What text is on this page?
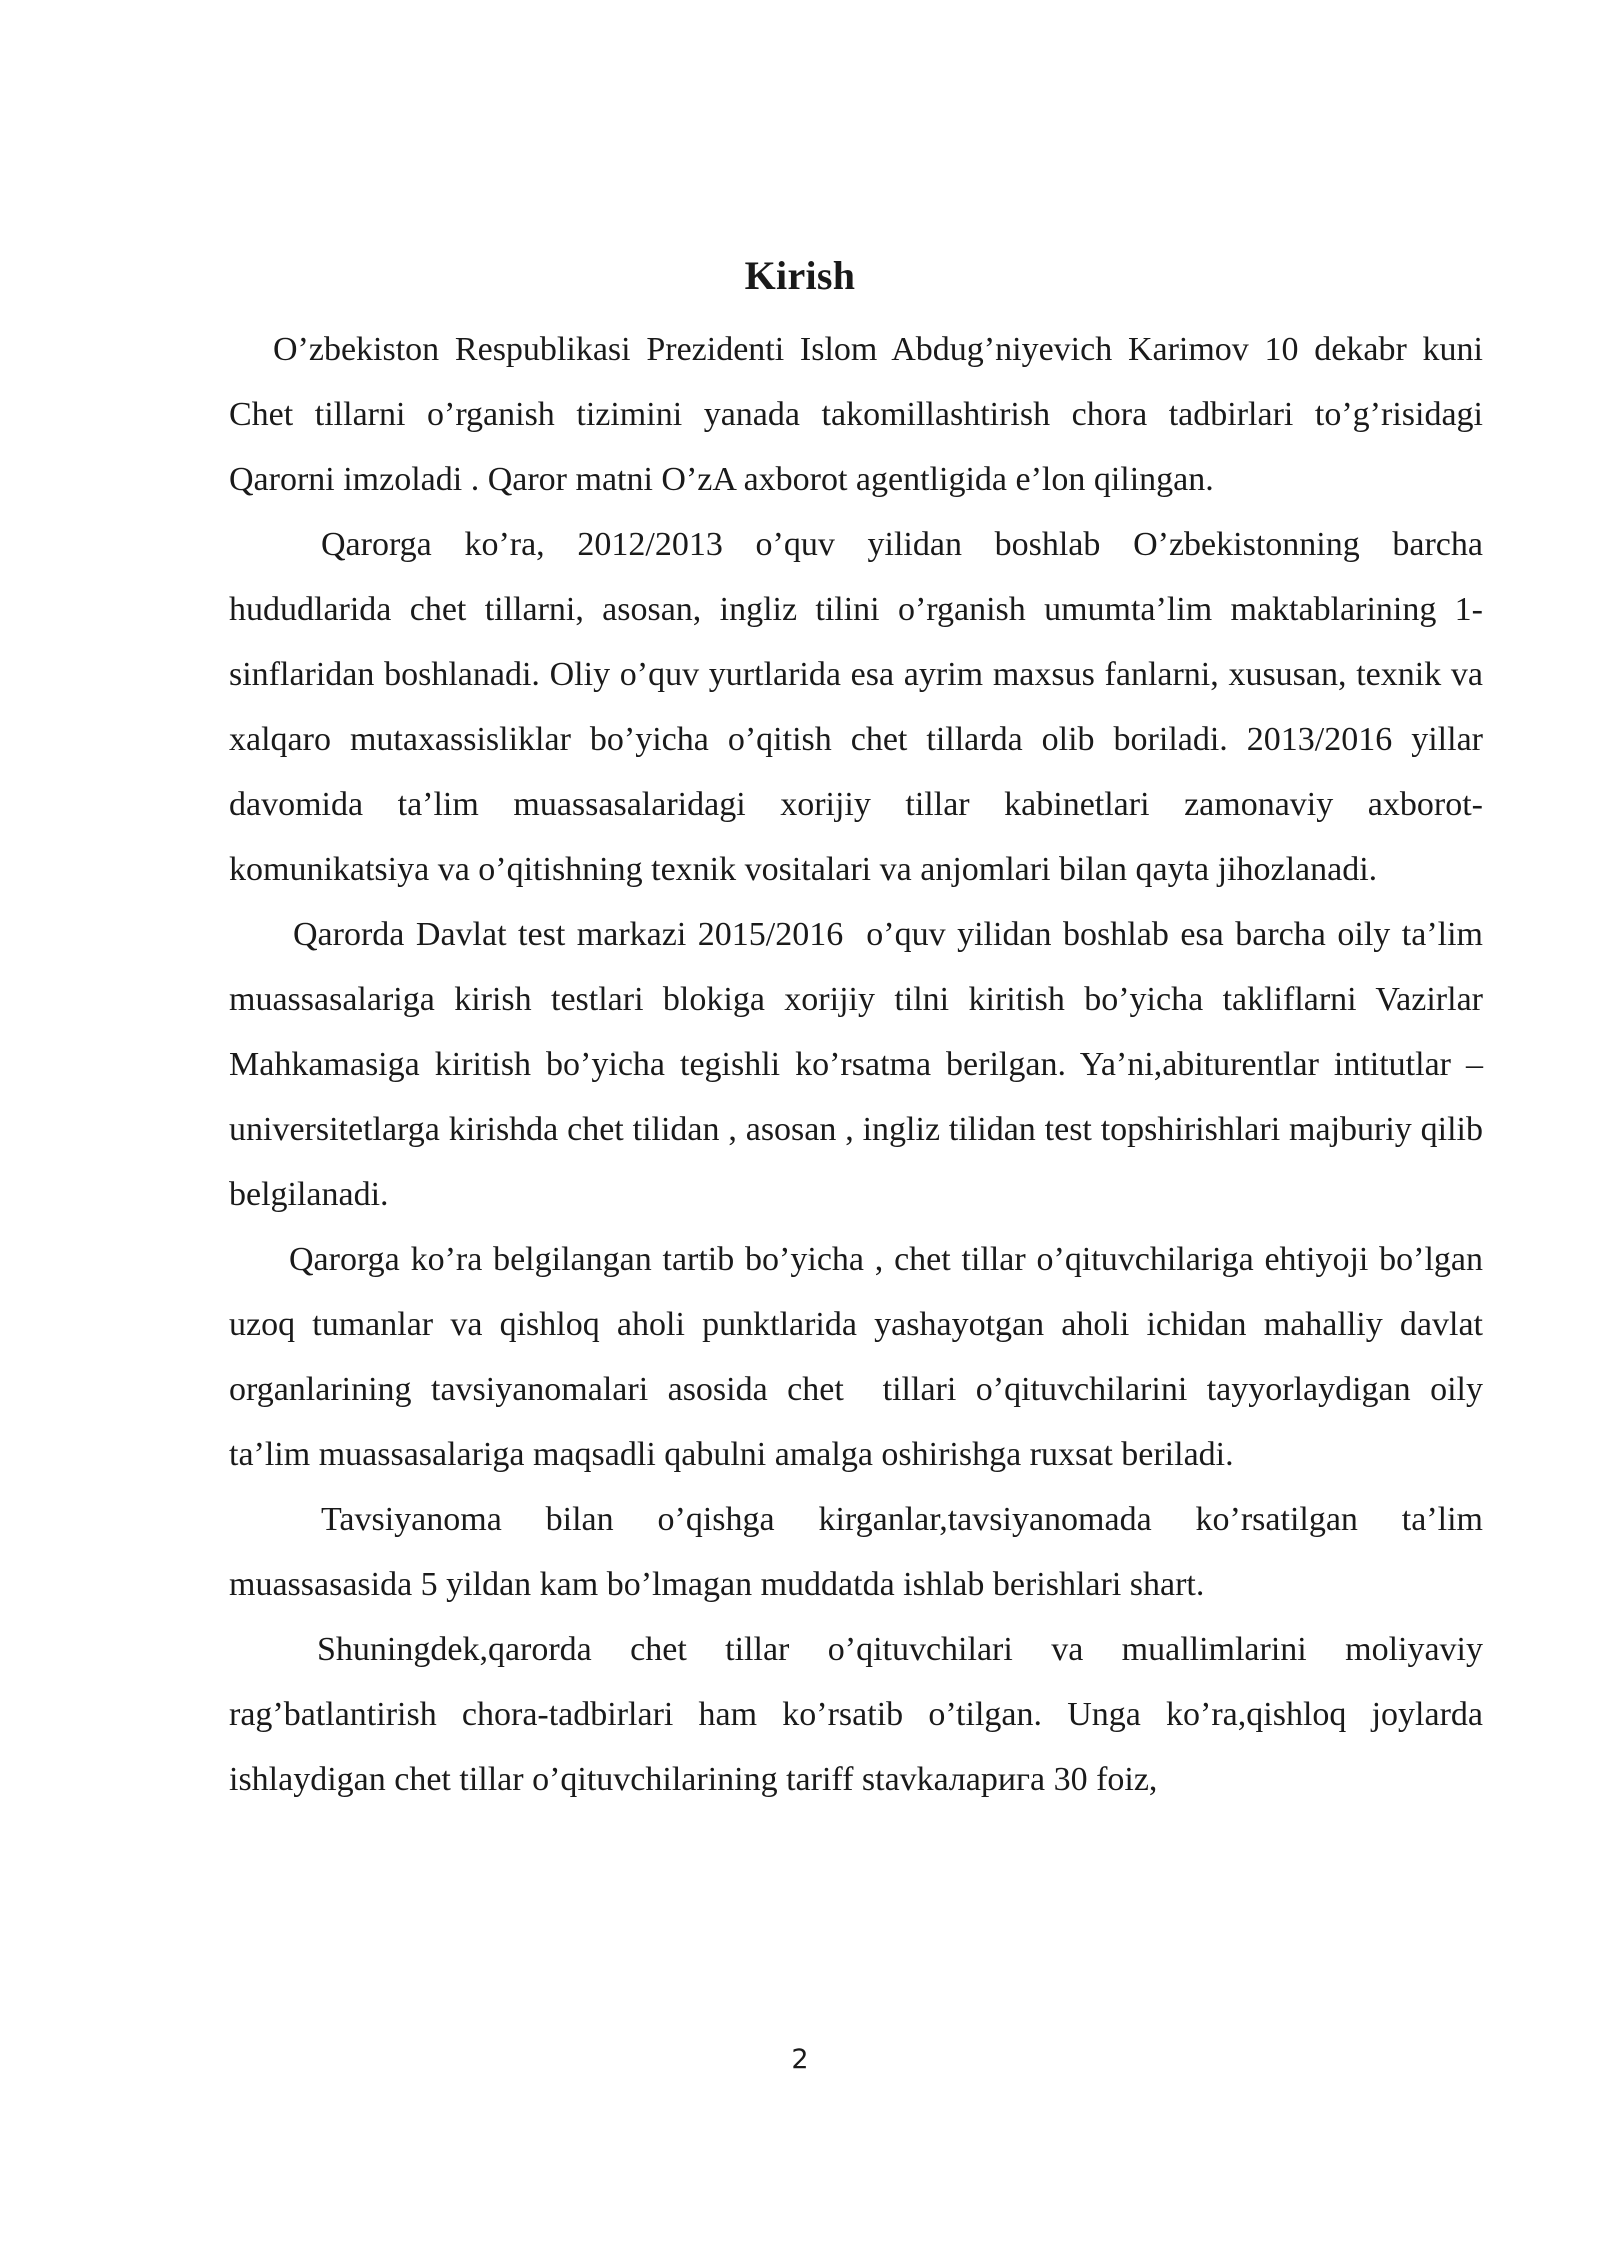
Kirish

O’zbekiston Respublikasi Prezidenti Islom Abdug’niyevich Karimov 10 dekabr kuni Chet tillarni o’rganish tizimini yanada takomillashtirish chora tadbirlari to’g’risidagi Qarorni imzoladi . Qaror matni O’zA axborot agentligida e’lon qilingan.

Qarorga ko’ra, 2012/2013 o’quv yilidan boshlab O’zbekistonning barcha hududlarida chet tillarni, asosan, ingliz tilini o’rganish umumta’lim maktablarining 1- sinflaridan boshlanadi. Oliy o’quv yurtlarida esa ayrim maxsus fanlarni, xususan, texnik va xalqaro mutaxassisliklar bo’yicha o’qitish chet tillarda olib boriladi. 2013/2016 yillar davomida ta’lim muassasalaridagi xorijiy tillar kabinetlari zamonaviy axborot-komunikatsiya va o’qitishning texnik vositalari va anjomlari bilan qayta jihozlanadi.

Qarorda Davlat test markazi 2015/2016  o’quv yilidan boshlab esa barcha oily ta’lim muassasalariga kirish testlari blokiga xorijiy tilni kiritish bo’yicha takliflarni Vazirlar Mahkamasiga kiritish bo’yicha tegishli ko’rsatma berilgan. Ya’ni,abiturentlar intitutlar – universitetlarga kirishda chet tilidan , asosan , ingliz tilidan test topshirishlari majburiy qilib belgilanadi.

Qarorga ko’ra belgilangan tartib bo’yicha , chet tillar o’qituvchilariga ehtiyoji bo’lgan uzoq tumanlar va qishloq aholi punktlarida yashayotgan aholi ichidan mahalliy davlat organlarining tavsiyanomalari asosida chet  tillari o’qituvchilarini tayyorlaydigan oily ta’lim muassasalariga maqsadli qabulni amalga oshirishga ruxsat beriladi.

Tavsiyanoma bilan o’qishga kirganlar,tavsiyanomada ko’rsatilgan ta’lim muassasasida 5 yildan kam bo’lmagan muddatda ishlab berishlari shart.

Shuningdek,qarorda chet tillar o’qituvchilari va muallimlarini moliyaviy rag’batlantirish chora-tadbirlari ham ko’rsatib o’tilgan. Unga ko’ra,qishloq joylarda ishlaydigan chet tillar o’qituvchilarining tariff stavkaларига 30 foiz,

2
